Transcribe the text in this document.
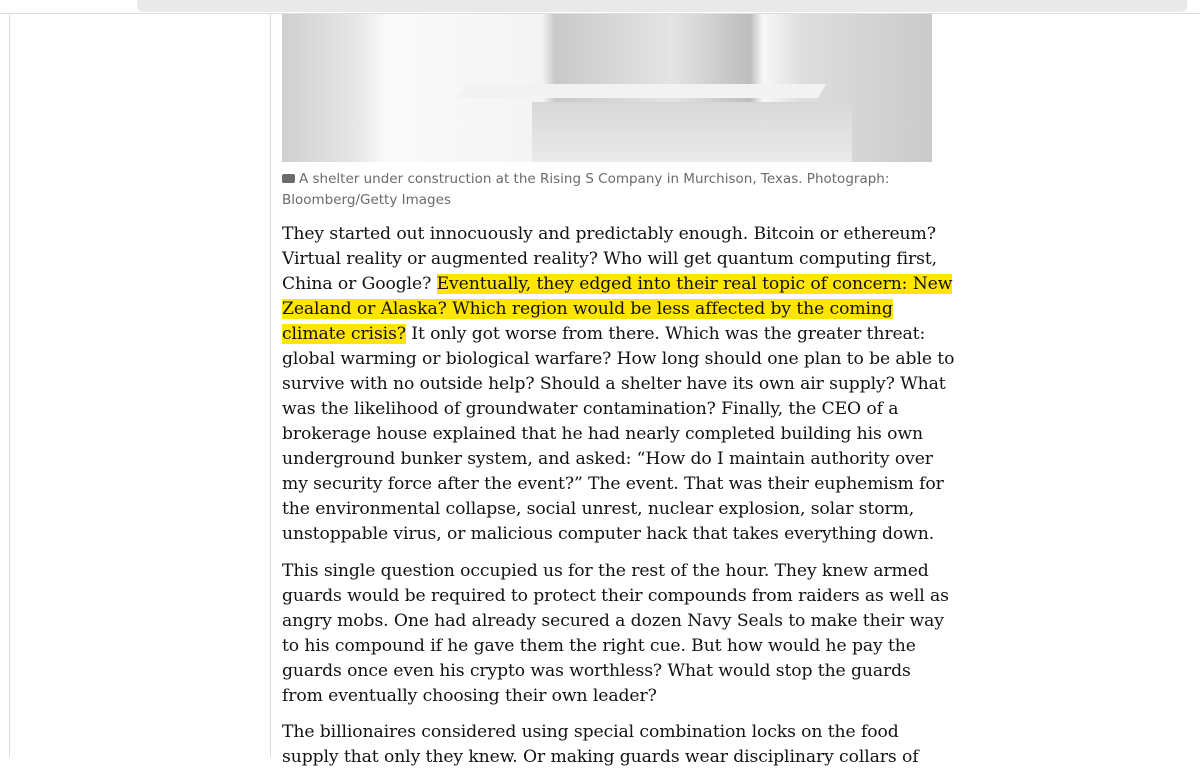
A shelter under construction at the Rising S Company in Murchison, Texas. Photograph:
Bloomberg/Getty Images
They started out innocuously and predictably enough. Bitcoin or ethereum?
Virtual reality or augmented reality? Who will get quantum computing first,
China or Google? Eventually, they edged into their real topic of concern: New
Zealand or Alaska? Which region would be less affected by the coming
climate crisis? It only got worse from there. Which was the greater threat:
global warming or biological warfare? How long should one plan to be able to
survive with no outside help? Should a shelter have its own air supply? What
was the likelihood of groundwater contamination? Finally, the CEO of a
brokerage house explained that he had nearly completed building his own
underground bunker system, and asked: “How do I maintain authority over
my security force after the event?” The event. That was their euphemism for
the environmental collapse, social unrest, nuclear explosion, solar storm,
unstoppable virus, or malicious computer hack that takes everything down.
This single question occupied us for the rest of the hour. They knew armed
guards would be required to protect their compounds from raiders as well as
angry mobs. One had already secured a dozen Navy Seals to make their way
to his compound if he gave them the right cue. But how would he pay the
guards once even his crypto was worthless? What would stop the guards
from eventually choosing their own leader?
The billionaires considered using special combination locks on the food
supply that only they knew. Or making guards wear disciplinary collars of
